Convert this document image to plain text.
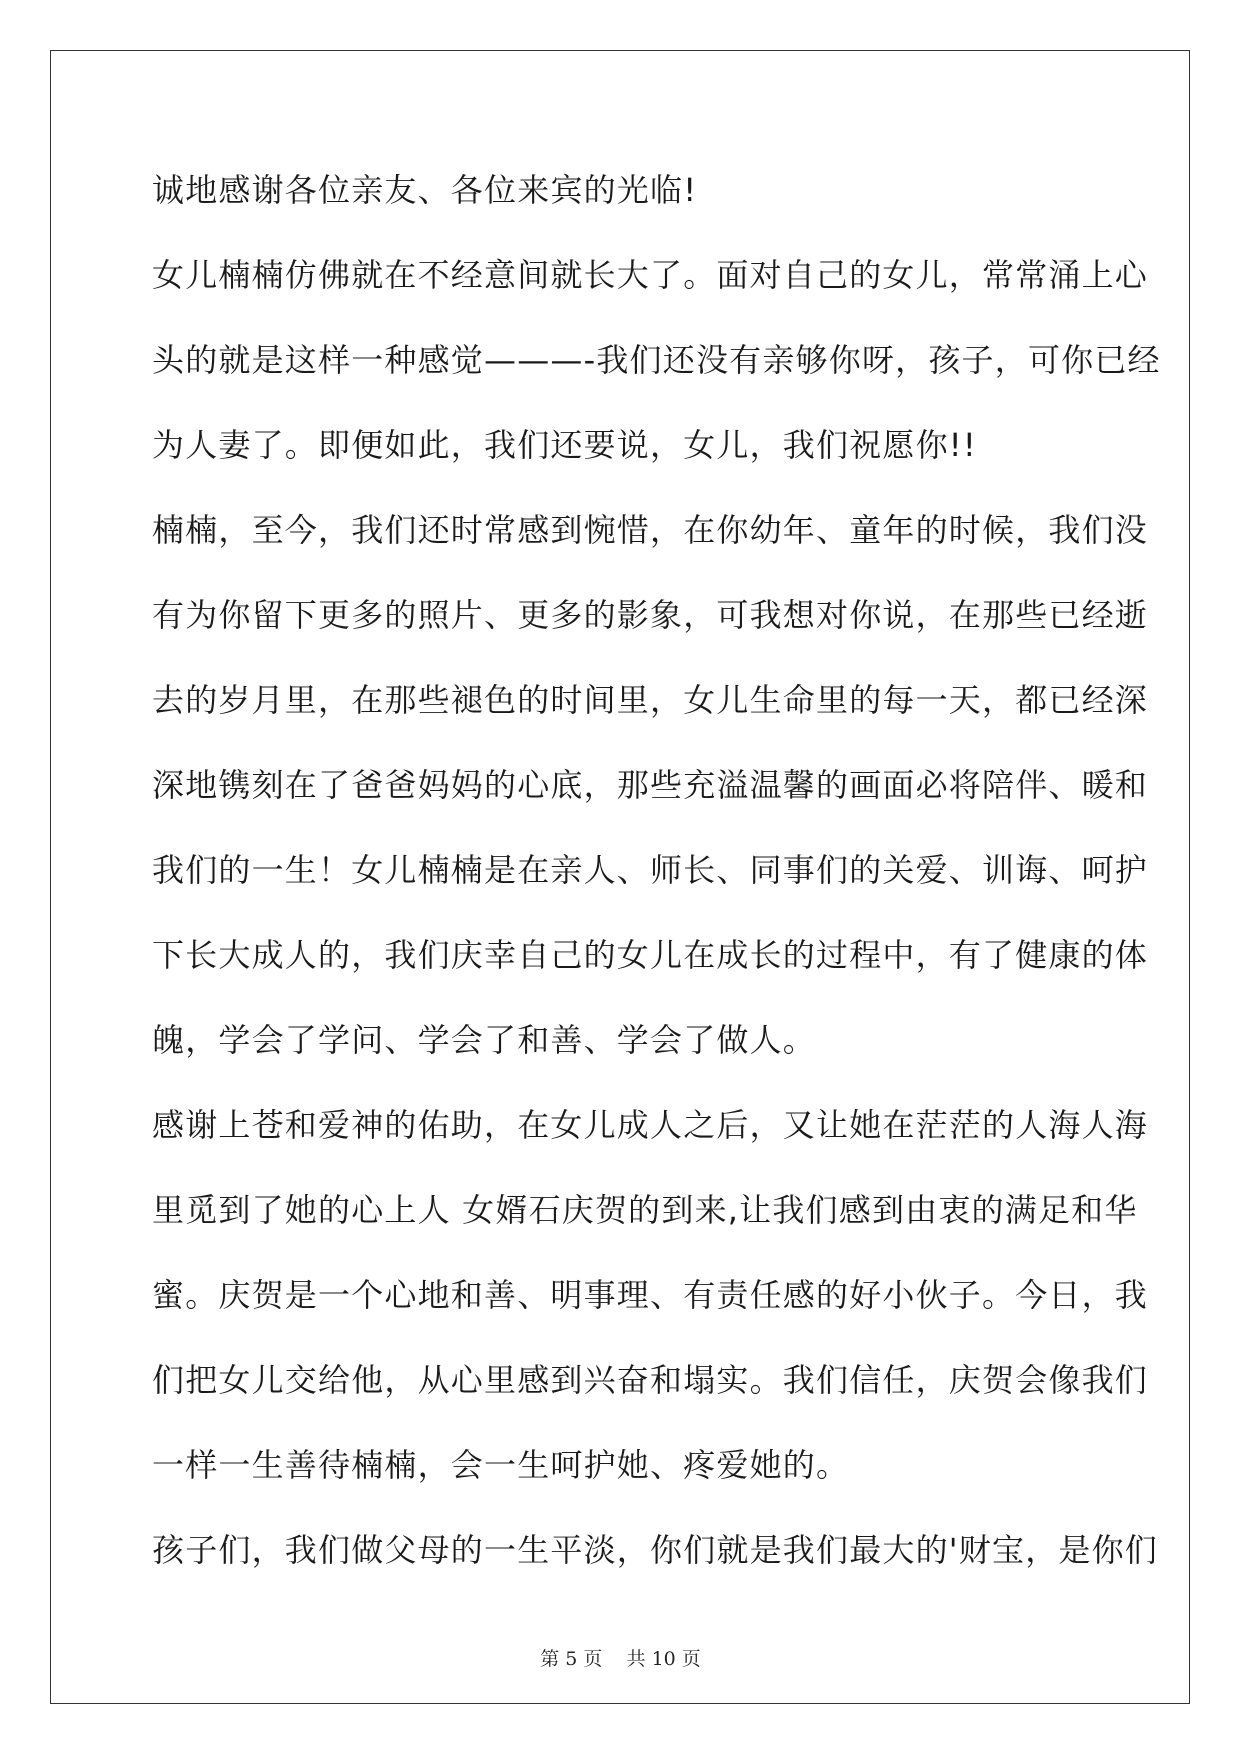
诚地感谢各位亲友、各位来宾的光临!
女儿楠楠仿佛就在不经意间就长大了。面对自己的女儿，常常涌上心
头的就是这样一种感觉———-我们还没有亲够你呀，孩子，可你已经
为人妻了。即便如此，我们还要说，女儿，我们祝愿你!!
楠楠，至今，我们还时常感到惋惜，在你幼年、童年的时候，我们没
有为你留下更多的照片、更多的影象，可我想对你说，在那些已经逝
去的岁月里，在那些褪色的时间里，女儿生命里的每一天，都已经深
深地镌刻在了爸爸妈妈的心底，那些充溢温馨的画面必将陪伴、暖和
我们的一生！女儿楠楠是在亲人、师长、同事们的关爱、训诲、呵护
下长大成人的，我们庆幸自己的女儿在成长的过程中，有了健康的体
魄，学会了学问、学会了和善、学会了做人。
感谢上苍和爱神的佑助，在女儿成人之后，又让她在茫茫的人海人海
里觅到了她的心上人 女婿石庆贺的到来,让我们感到由衷的满足和华
蜜。庆贺是一个心地和善、明事理、有责任感的好小伙子。今日，我
们把女儿交给他，从心里感到兴奋和塌实。我们信任，庆贺会像我们
一样一生善待楠楠，会一生呵护她、疼爱她的。
孩子们，我们做父母的一生平淡，你们就是我们最大的'财宝，是你们
第 5 页    共 10 页
